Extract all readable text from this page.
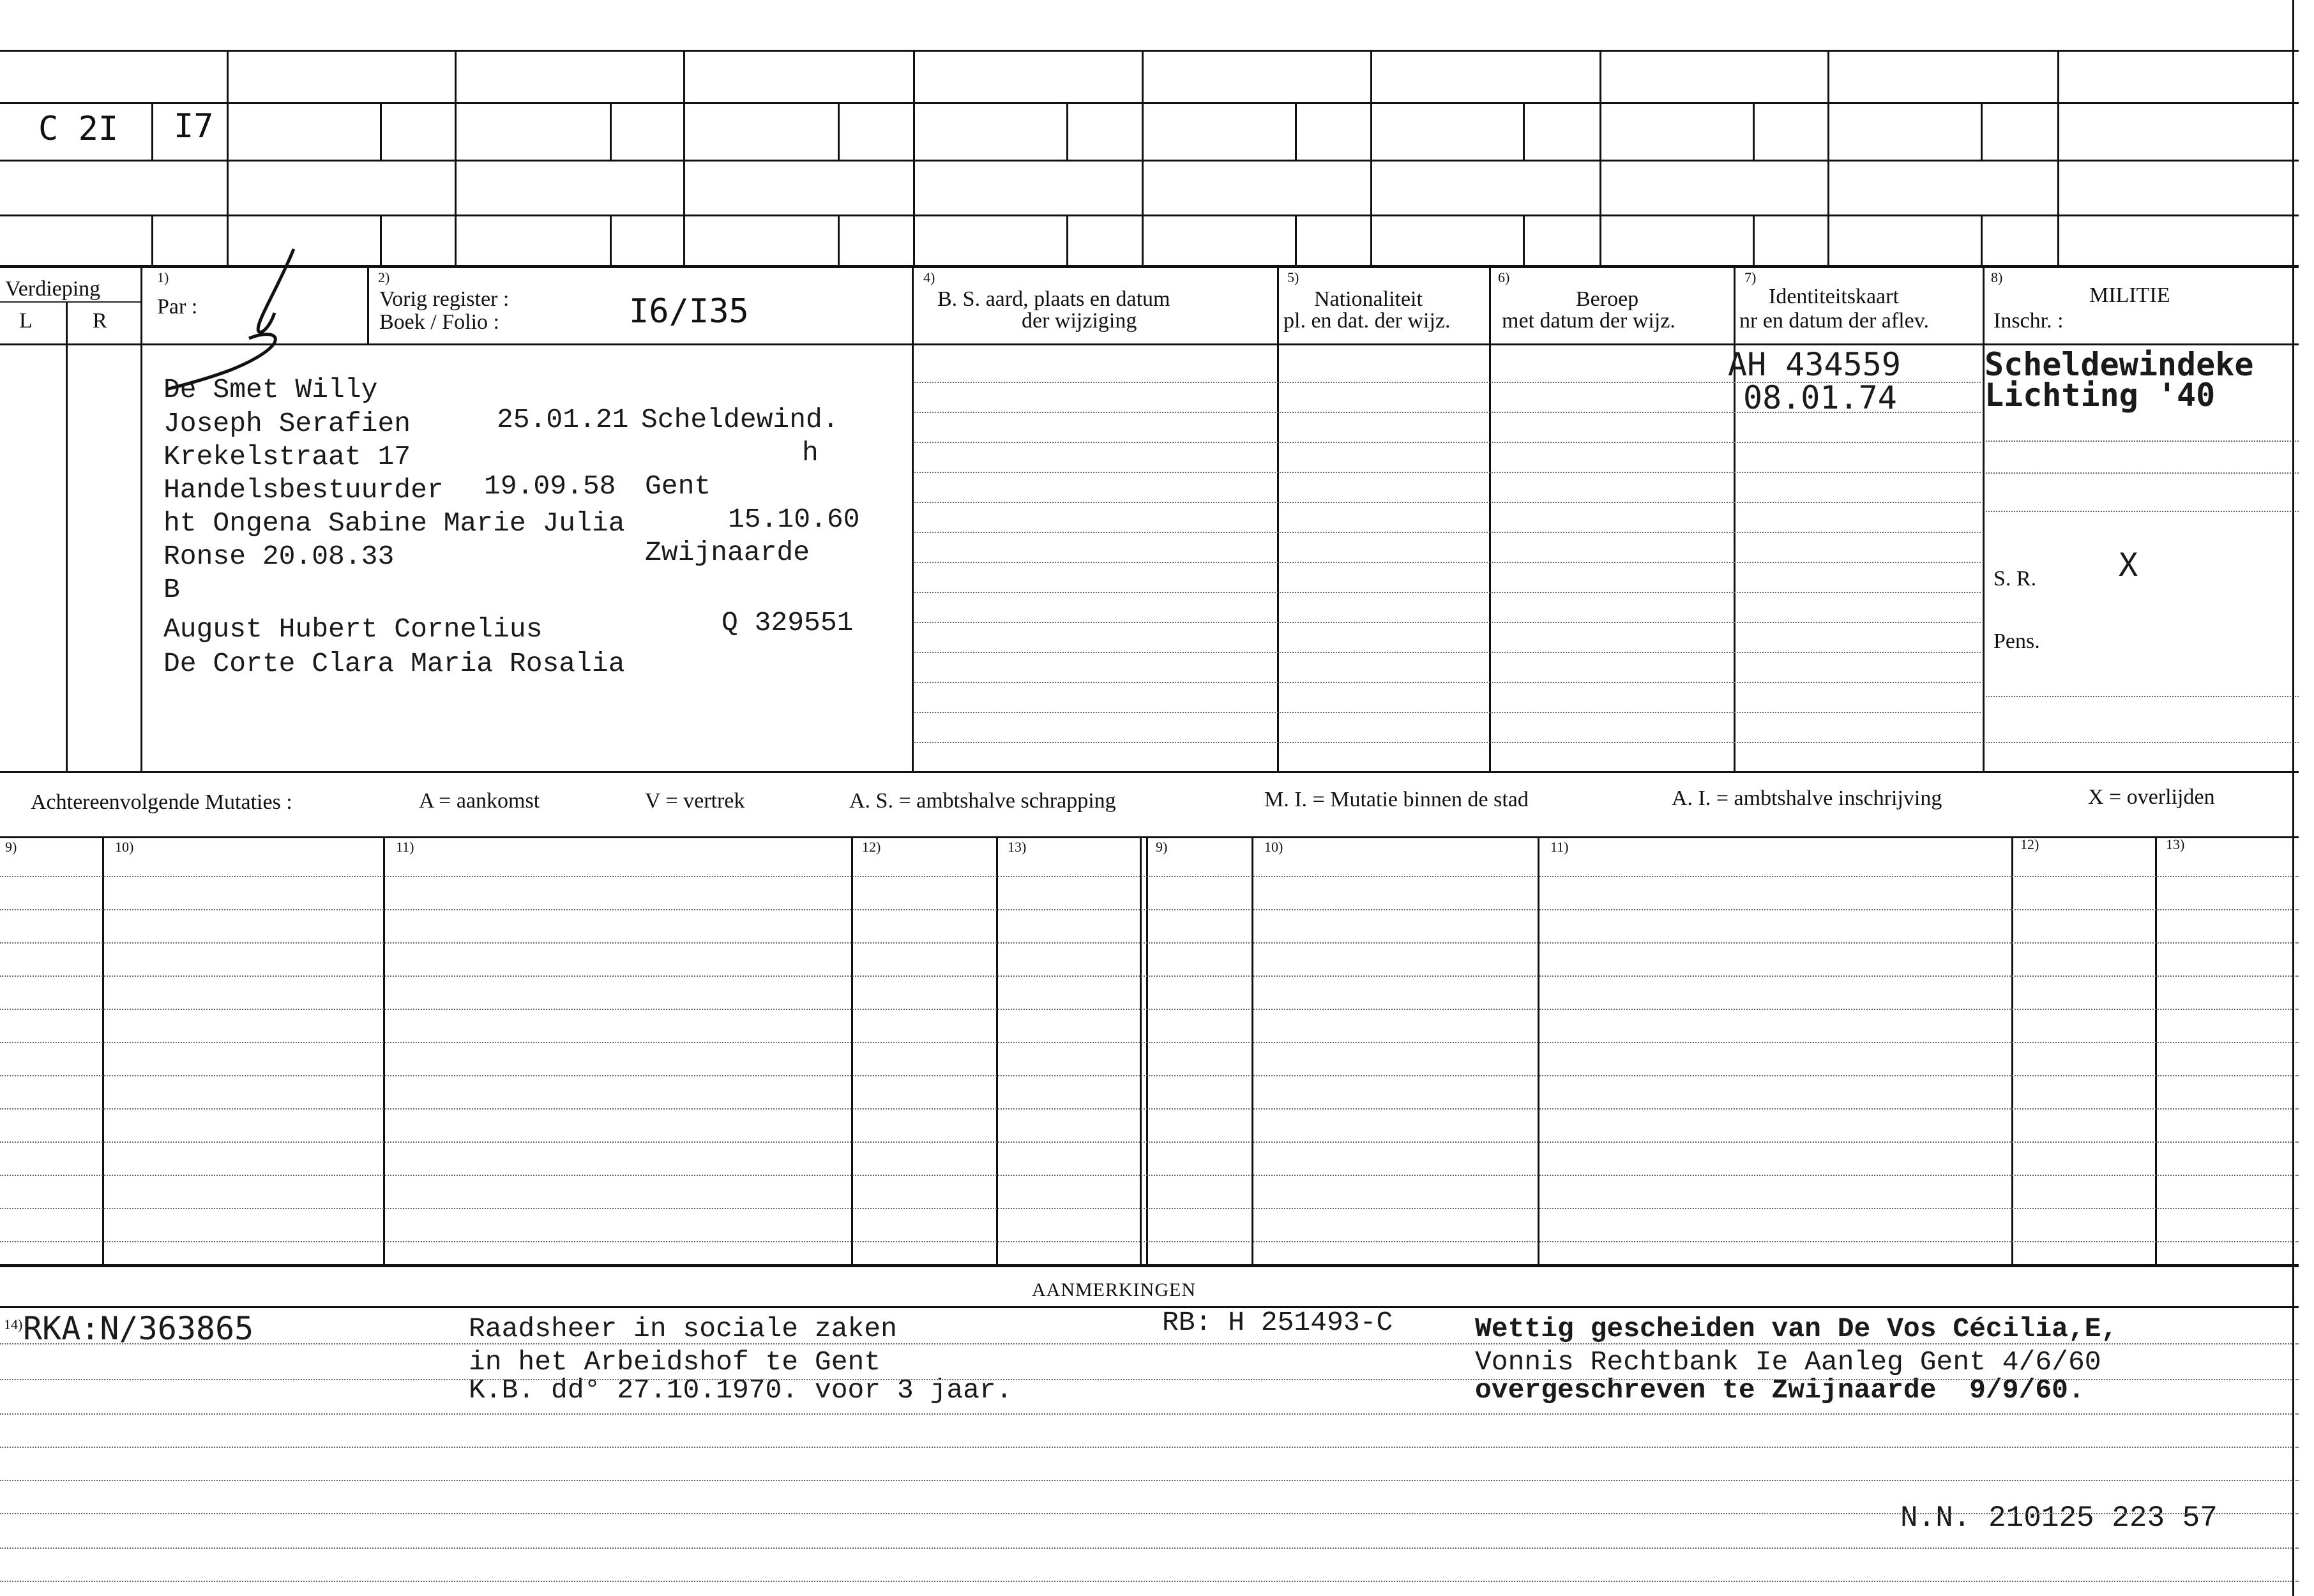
C 2I I7
Verdieping
L	R
1)
Par :
2)
Vorig register :
Boek / Folio :	I6/I35
4)
B. S. aard, plaats en datum
der wijziging
5)
Nationaliteit
pl. en dat. der wijz.
6)
Beroep
met datum der wijz.
7)
Identiteitskaart
nr en datum der aflev.
8)
MILITIE
Inschr. :
De Smet Willy
Joseph Serafien	25.01.21 Scheldewind.
Krekelstraat 17	h
Handelsbestuurder 19.09.58 Gent
ht Ongena Sabine Marie Julia	15.10.60
Ronse 20.08.33	Zwijnaarde
B
August Hubert Cornelius	Q 329551
De Corte Clara Maria Rosalia
AH 434559
08.01.74
Scheldewindeke
Lichting '40
S. R.	X
Pens.
Achtereenvolgende Mutaties :	A = aankomst	V = vertrek	A. S. = ambtshalve schrapping	M. I. = Mutatie binnen de stad	A. I. = ambtshalve inschrijving	X = overlijden
9)	10)	11)	12)	13)	9)	10)	11)	12)	13)
AANMERKINGEN
14) RKA:N/363865	Raadsheer in sociale zaken
in het Arbeidshof te Gent
K.B. dd° 27.10.1970. voor 3 jaar.
RB: H 251493-C	Wettig gescheiden van De Vos Cécilia,E,
Vonnis Rechtbank Ie Aanleg Gent 4/6/60
overgeschreven te Zwijnaarde  9/9/60.
N.N. 210125 223 57
